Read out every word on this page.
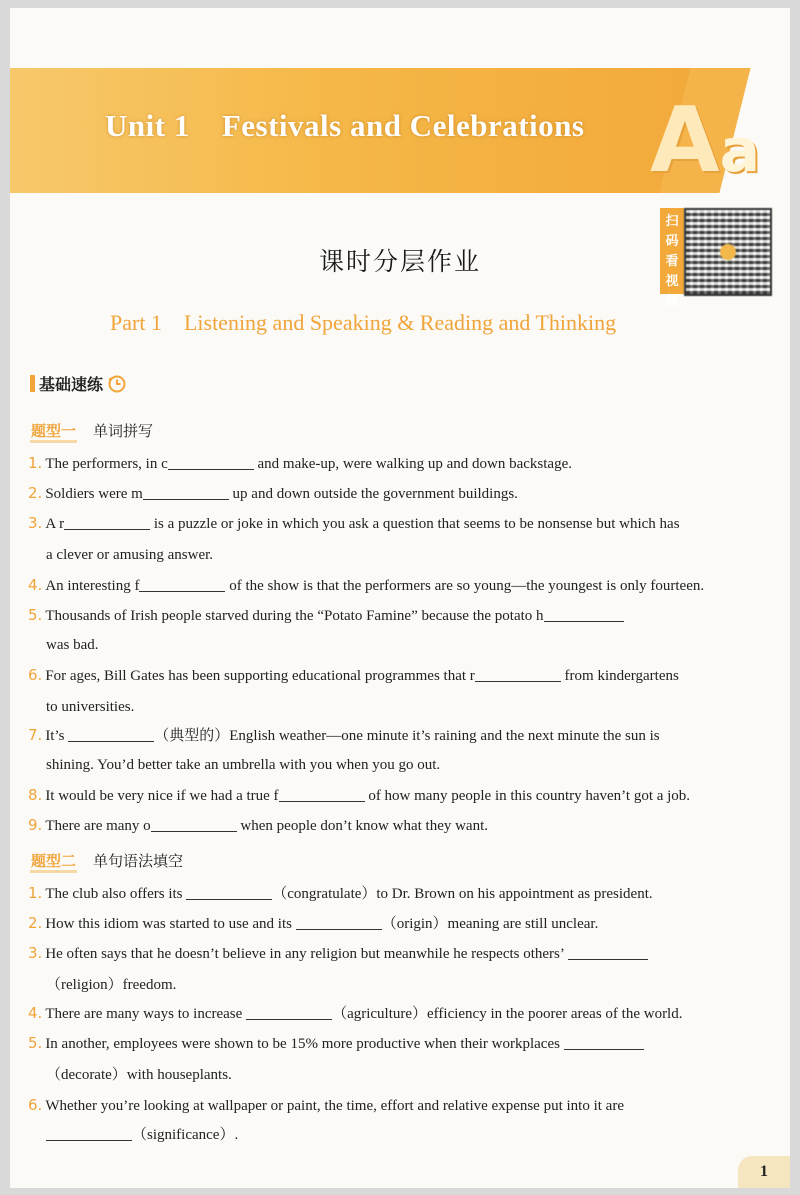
Unit 1 Festivals and Celebrations Aa
扫码看视频
课时分层作业
Part 1 Listening and Speaking & Reading and Thinking
基础速练
题型一 单词拼写
1. The performers, in c	and make-up, were walking up and down backstage.
2. Soldiers were m	up and down outside the government buildings.
3. A r	is a puzzle or joke in which you ask a question that seems to be nonsense but which has
a clever or amusing answer.
4. An interesting f	of the show is that the performers are so young—the youngest is only fourteen.
5. Thousands of Irish people starved during the “Potato Famine” because the potato h
was bad.
6. For ages, Bill Gates has been supporting educational programmes that r	from kindergartens
to universities.
7. It’s	（典型的）English weather—one minute it’s raining and the next minute the sun is
shining. You’d better take an umbrella with you when you go out.
8. It would be very nice if we had a true f	of how many people in this country haven’t got a job.
9. There are many o	when people don’t know what they want.
题型二 单句语法填空
1. The club also offers its	（congratulate）to Dr. Brown on his appointment as president.
2. How this idiom was started to use and its	（origin）meaning are still unclear.
3. He often says that he doesn’t believe in any religion but meanwhile he respects others’
（religion）freedom.
4. There are many ways to increase	（agriculture）efficiency in the poorer areas of the world.
5. In another, employees were shown to be 15% more productive when their workplaces
（decorate）with houseplants.
6. Whether you’re looking at wallpaper or paint, the time, effort and relative expense put into it are
（significance）.
1
